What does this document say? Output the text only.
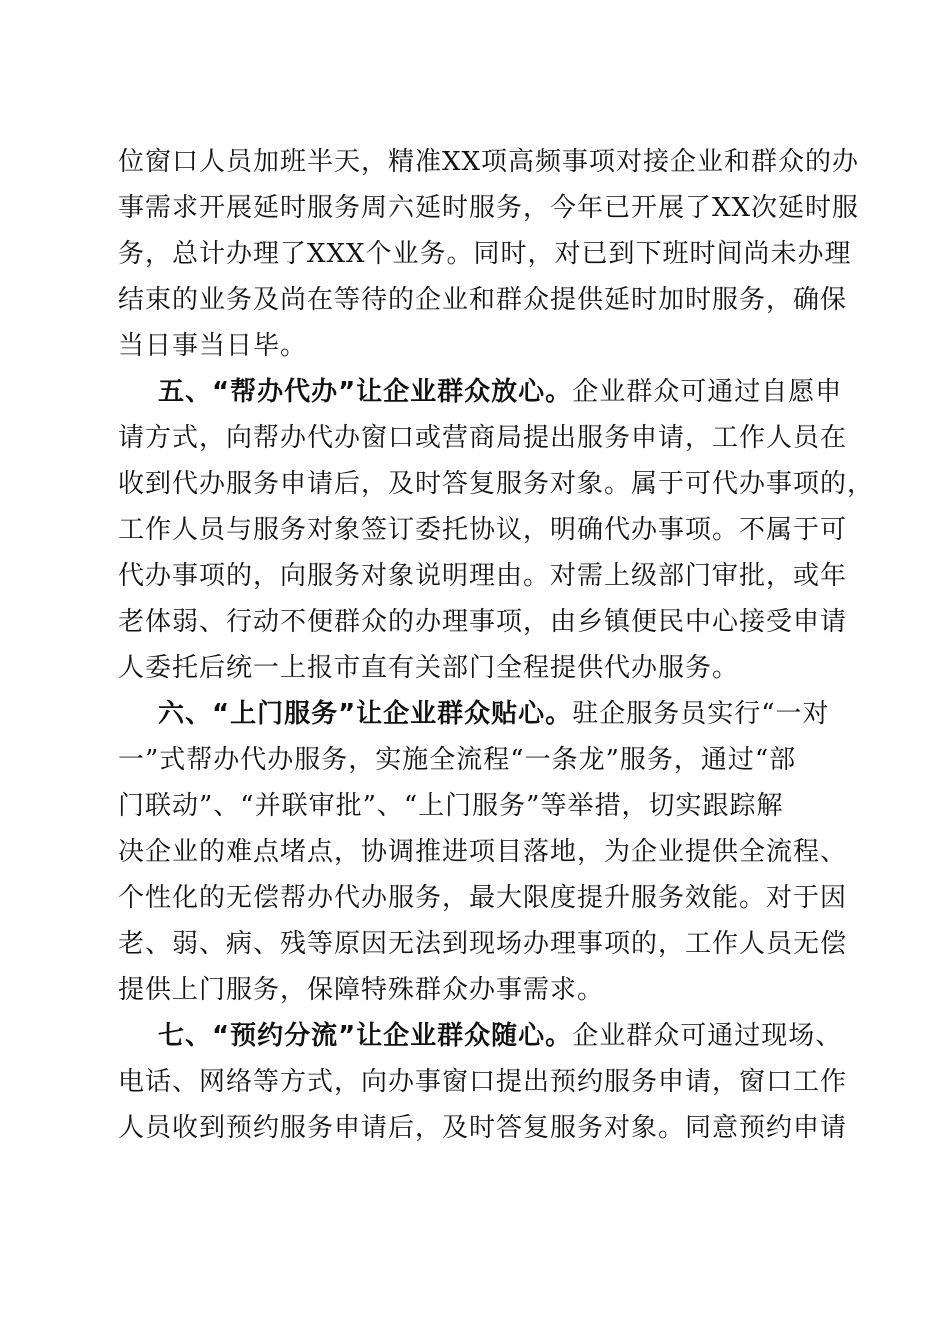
位窗口人员加班半天，精准XX项高频事项对接企业和群众的办
事需求开展延时服务周六延时服务，今年已开展了XX次延时服
务，总计办理了XXX个业务。同时，对已到下班时间尚未办理
结束的业务及尚在等待的企业和群众提供延时加时服务，确保
当日事当日毕。
五、“帮办代办”让企业群众放心。企业群众可通过自愿申
请方式，向帮办代办窗口或营商局提出服务申请，工作人员在
收到代办服务申请后，及时答复服务对象。属于可代办事项的，
工作人员与服务对象签订委托协议，明确代办事项。不属于可
代办事项的，向服务对象说明理由。对需上级部门审批，或年
老体弱、行动不便群众的办理事项，由乡镇便民中心接受申请
人委托后统一上报市直有关部门全程提供代办服务。
六、“上门服务”让企业群众贴心。驻企服务员实行“一对
一”式帮办代办服务，实施全流程“一条龙”服务，通过“部
门联动”、“并联审批”、“上门服务”等举措，切实跟踪解
决企业的难点堵点，协调推进项目落地，为企业提供全流程、
个性化的无偿帮办代办服务，最大限度提升服务效能。对于因
老、弱、病、残等原因无法到现场办理事项的，工作人员无偿
提供上门服务，保障特殊群众办事需求。
七、“预约分流”让企业群众随心。企业群众可通过现场、
电话、网络等方式，向办事窗口提出预约服务申请，窗口工作
人员收到预约服务申请后，及时答复服务对象。同意预约申请
